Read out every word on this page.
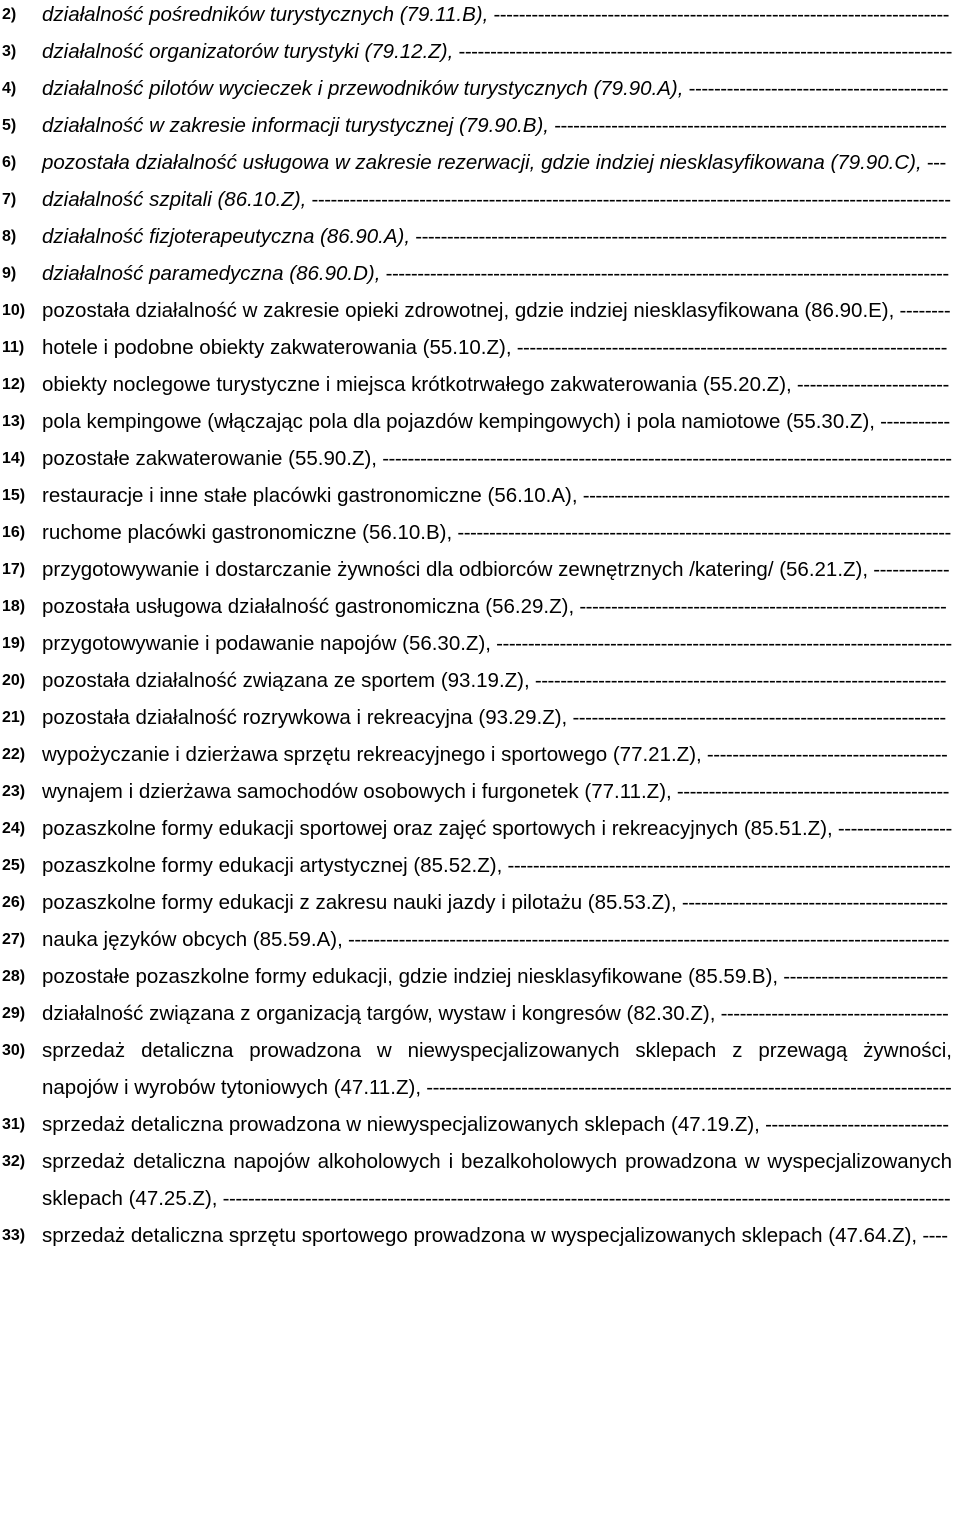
2) działalność pośredników turystycznych (79.11.B), ------------------------------------------------------------------------
3) działalność organizatorów turystyki (79.12.Z), ------------------------------------------------------------------------------
4) działalność pilotów wycieczek i przewodników turystycznych (79.90.A), -----------------------------------------
5) działalność w zakresie informacji turystycznej (79.90.B), --------------------------------------------------------------
6) pozostała działalność usługowa w zakresie rezerwacji, gdzie indziej niesklasyfikowana (79.90.C), ---
7) działalność szpitali (86.10.Z), -----------------------------------------------------------------------------------------------------
8) działalność fizjoterapeutyczna (86.90.A), ------------------------------------------------------------------------------------
9) działalność paramedyczna (86.90.D), -----------------------------------------------------------------------------------------
10) pozostała działalność w zakresie opieki zdrowotnej, gdzie indziej niesklasyfikowana (86.90.E), --------
11) hotele i podobne obiekty zakwaterowania (55.10.Z), --------------------------------------------------------------------
12) obiekty noclegowe turystyczne i miejsca krótkotrwałego zakwaterowania (55.20.Z), ------------------------
13) pola kempingowe (włączając pola dla pojazdów kempingowych) i pola namiotowe (55.30.Z), -----------
14) pozostałe zakwaterowanie (55.90.Z), ------------------------------------------------------------------------------------------
15) restauracje i inne stałe placówki gastronomiczne (56.10.A), ----------------------------------------------------------
16) ruchome placówki gastronomiczne (56.10.B), ------------------------------------------------------------------------------
17) przygotowywanie i dostarczanie żywności dla odbiorców zewnętrznych /katering/ (56.21.Z), ------------
18) pozostała usługowa działalność gastronomiczna (56.29.Z), ----------------------------------------------------------
19) przygotowywanie i podawanie napojów (56.30.Z), ------------------------------------------------------------------------
20) pozostała działalność związana ze sportem (93.19.Z), -----------------------------------------------------------------
21) pozostała działalność rozrywkowa i rekreacyjna (93.29.Z), -----------------------------------------------------------
22) wypożyczanie i dzierżawa sprzętu rekreacyjnego i sportowego (77.21.Z), --------------------------------------
23) wynajem i dzierżawa samochodów osobowych i furgonetek (77.11.Z), -------------------------------------------
24) pozaszkolne formy edukacji sportowej oraz zajęć sportowych i rekreacyjnych (85.51.Z), ------------------
25) pozaszkolne formy edukacji artystycznej (85.52.Z), ----------------------------------------------------------------------
26) pozaszkolne formy edukacji z zakresu nauki jazdy i pilotażu (85.53.Z), ------------------------------------------
27) nauka języków obcych (85.59.A), -----------------------------------------------------------------------------------------------
28) pozostałe pozaszkolne formy edukacji, gdzie indziej niesklasyfikowane (85.59.B), --------------------------
29) działalność związana z organizacją targów, wystaw i kongresów (82.30.Z), ------------------------------------
30) sprzedaż detaliczna prowadzona w niewyspecjalizowanych sklepach z przewagą żywności, napojów i wyrobów tytoniowych (47.11.Z), -----------------------------------------------------------------------------------
31) sprzedaż detaliczna prowadzona w niewyspecjalizowanych sklepach (47.19.Z), -----------------------------
32) sprzedaż detaliczna napojów alkoholowych i bezalkoholowych prowadzona w wyspecjalizowanych sklepach (47.25.Z), -------------------------------------------------------------------------------------------------------------------
33) sprzedaż detaliczna sprzętu sportowego prowadzona w wyspecjalizowanych sklepach (47.64.Z), ----
